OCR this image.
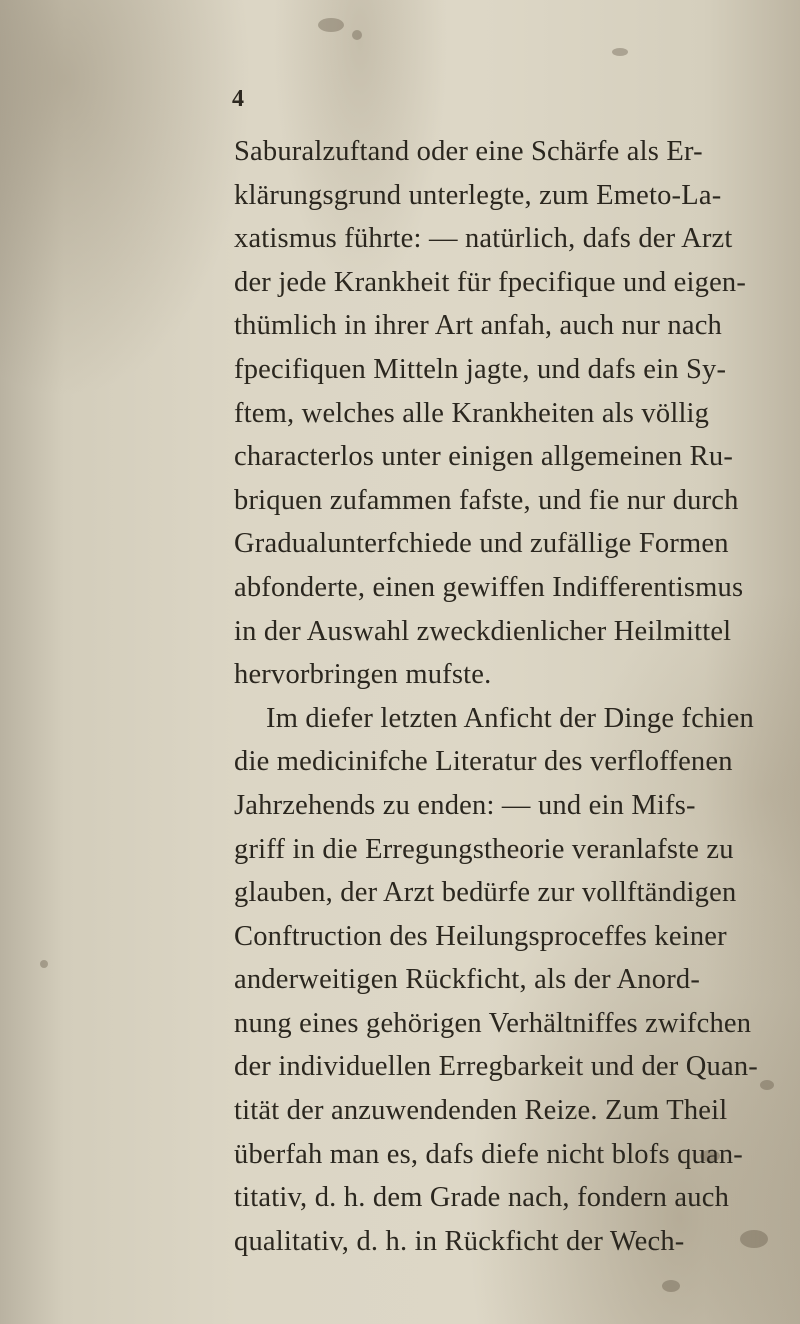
4

Saburalzuftand oder eine Schärfe als Er-
klärungsgrund unterlegte, zum Emeto-La-
xatismus führte: — natürlich, dafs der Arzt
der jede Krankheit für fpecifique und eigen-
thümlich in ihrer Art anfah, auch nur nach
fpecifiquen Mitteln jagte, und dafs ein Sy-
ftem, welches alle Krankheiten als völlig
characterlos unter einigen allgemeinen Ru-
briquen zufammen fafste, und fie nur durch
Gradualunterfchiede und zufällige Formen
abfonderte, einen gewiffen Indifferentismus
in der Auswahl zweckdienlicher Heilmittel
hervorbringen mufste.
Im diefer letzten Anficht der Dinge fchien
die medicinifche Literatur des verfloffenen
Jahrzehends zu enden: — und ein Mifs-
griff in die Erregungstheorie veranlafste zu
glauben, der Arzt bedürfe zur vollftändigen
Conftruction des Heilungsproceffes keiner
anderweitigen Rückficht, als der Anord-
nung eines gehörigen Verhältniffes zwifchen
der individuellen Erregbarkeit und der Quan-
tität der anzuwendenden Reize. Zum Theil
überfah man es, dafs diefe nicht blofs quan-
titativ, d. h. dem Grade nach, fondern auch
qualitativ, d. h. in Rückficht der Wech-
